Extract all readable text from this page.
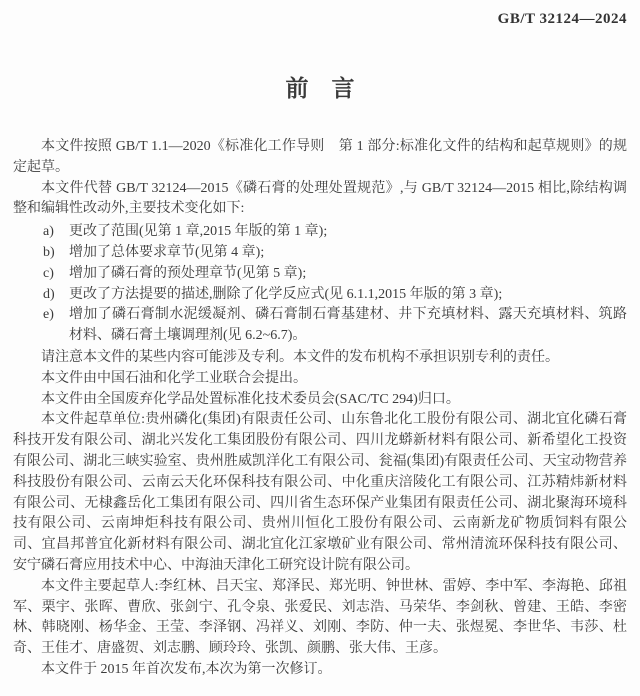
GB/T 32124—2024
前　言

本文件按照 GB/T 1.1—2020《标准化工作导则　第 1 部分:标准化文件的结构和起草规则》的规定起草。

本文件代替 GB/T 32124—2015《磷石膏的处理处置规范》,与 GB/T 32124—2015 相比,除结构调整和编辑性改动外,主要技术变化如下:

a) 更改了范围(见第 1 章,2015 年版的第 1 章);
b) 增加了总体要求章节(见第 4 章);
c) 增加了磷石膏的预处理章节(见第 5 章);
d) 更改了方法提要的描述,删除了化学反应式(见 6.1.1,2015 年版的第 3 章);
e) 增加了磷石膏制水泥缓凝剂、磷石膏制石膏基建材、井下充填材料、露天充填材料、筑路材料、磷石膏土壤调理剂(见 6.2~6.7)。

请注意本文件的某些内容可能涉及专利。本文件的发布机构不承担识别专利的责任。

本文件由中国石油和化学工业联合会提出。

本文件由全国废弃化学品处置标准化技术委员会(SAC/TC 294)归口。

本文件起草单位:贵州磷化(集团)有限责任公司、山东鲁北化工股份有限公司、湖北宜化磷石膏科技开发有限公司、湖北兴发化工集团股份有限公司、四川龙蟒新材料有限公司、新希望化工投资有限公司、湖北三峡实验室、贵州胜威凯洋化工有限公司、瓮福(集团)有限责任公司、天宝动物营养科技股份有限公司、云南云天化环保科技有限公司、中化重庆涪陵化工有限公司、江苏精炜新材料有限公司、无棣鑫岳化工集团有限公司、四川省生态环保产业集团有限责任公司、湖北聚海环境科技有限公司、云南坤炬科技有限公司、贵州川恒化工股份有限公司、云南新龙矿物质饲料有限公司、宜昌邦普宜化新材料有限公司、湖北宜化江家墩矿业有限公司、常州清流环保科技有限公司、安宁磷石膏应用技术中心、中海油天津化工研究设计院有限公司。

本文件主要起草人:李红林、吕天宝、郑泽民、郑光明、钟世林、雷婷、李中军、李海艳、邱祖军、栗宇、张晖、曹欣、张剑宁、孔令泉、张爱民、刘志浩、马荣华、李剑秋、曾建、王皓、李密林、韩晓刚、杨华金、王莹、李泽钢、冯祥义、刘刚、李防、仲一夫、张煜冕、李世华、韦莎、杜奇、王佳才、唐盛贺、刘志鹏、顾玲玲、张凯、颜鹏、张大伟、王彦。

本文件于 2015 年首次发布,本次为第一次修订。
